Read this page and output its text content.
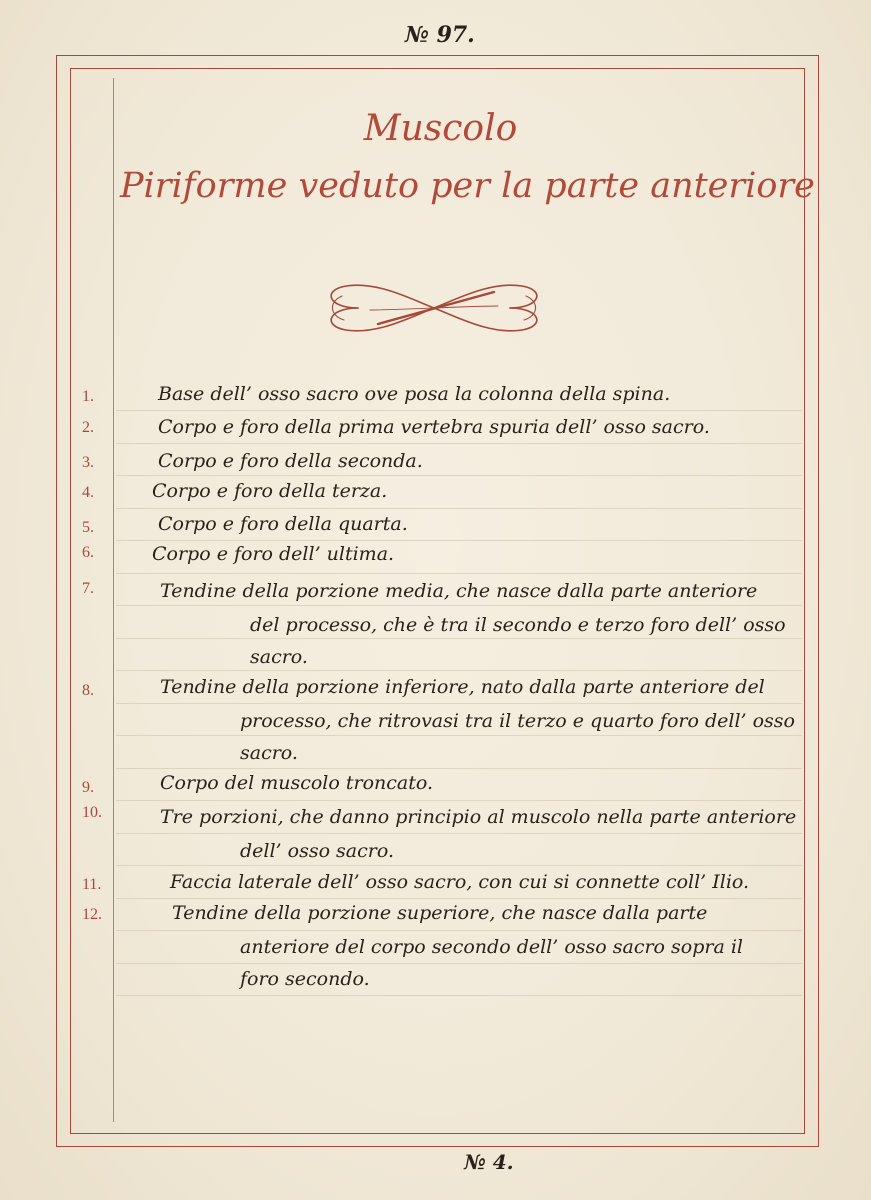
№ 97.
Muscolo
Piriforme veduto per la parte anteriore
1.	Base dell’ osso sacro ove posa la colonna della spina.
2.	Corpo e foro della prima vertebra spuria dell’ osso sacro.
3.	Corpo e foro della seconda.
4.	Corpo e foro della terza.
5.	Corpo e foro della quarta.
6.	Corpo e foro dell’ ultima.
7.	Tendine della porzione media, che nasce dalla parte anteriore
del processo, che è tra il secondo e terzo foro dell’ osso
sacro.
8.	Tendine della porzione inferiore, nato dalla parte anteriore del
processo, che ritrovasi tra il terzo e quarto foro dell’ osso
sacro.
9.	Corpo del muscolo troncato.
10.	Tre porzioni, che danno principio al muscolo nella parte anteriore
dell’ osso sacro.
11.	Faccia laterale dell’ osso sacro, con cui si connette coll’ Ilio.
12.	Tendine della porzione superiore, che nasce dalla parte
anteriore del corpo secondo dell’ osso sacro sopra il
foro secondo.
№ 4.
